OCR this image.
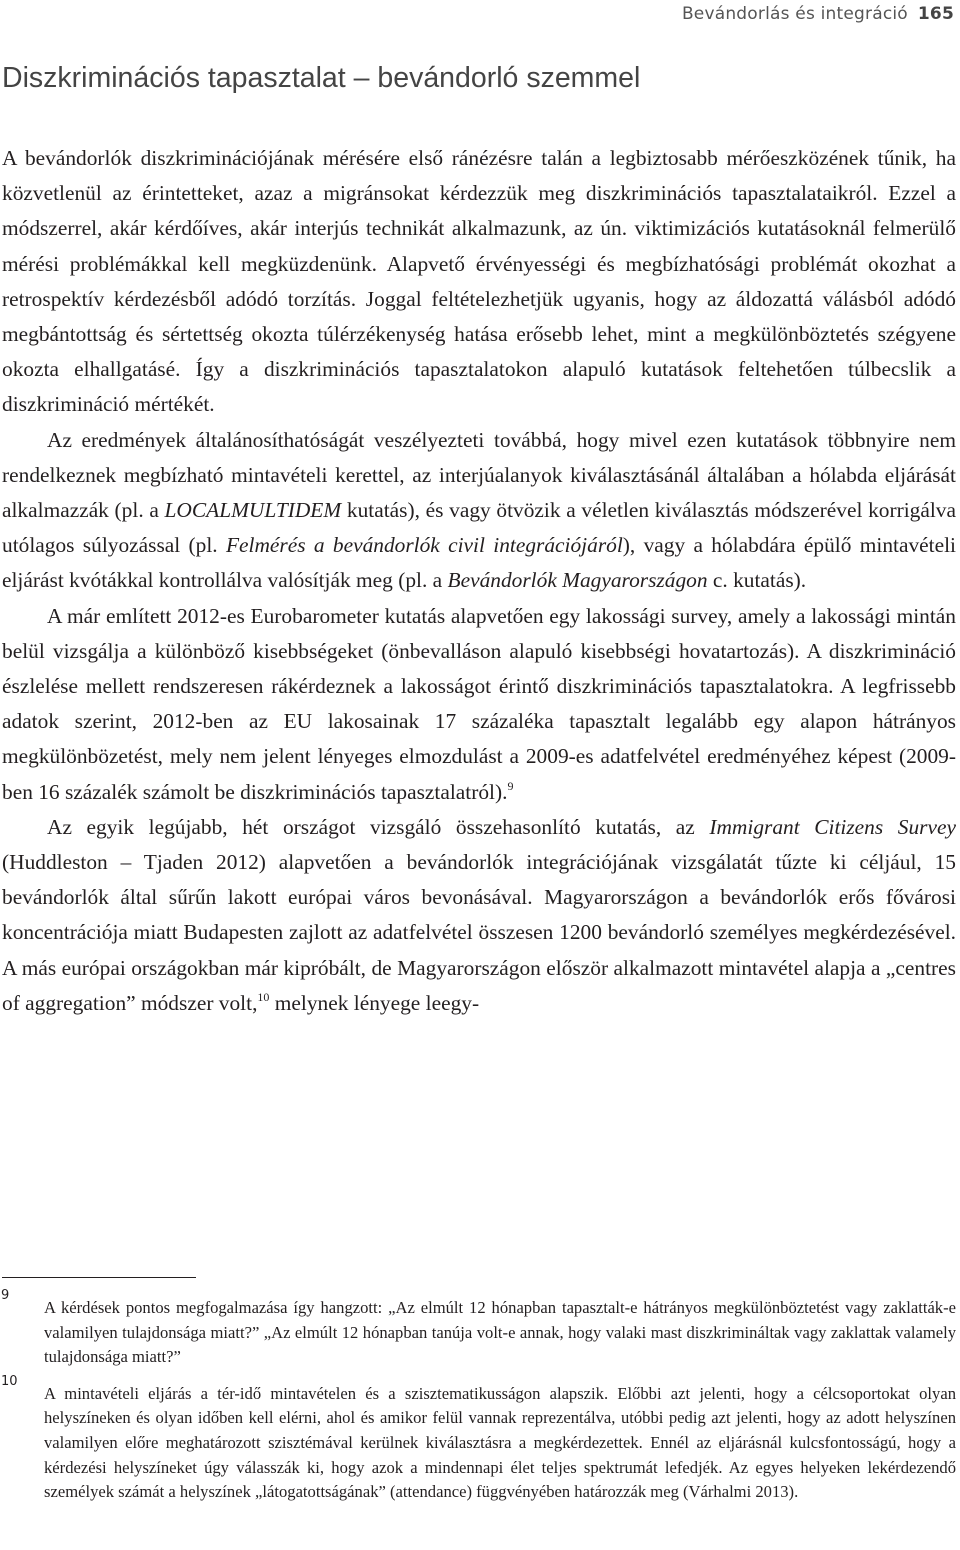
Bevándorlás és integráció 165
Diszkriminációs tapasztalat – bevándorló szemmel

A bevándorlók diszkriminációjának mérésére első ránézésre talán a legbiztosabb mérőeszközének tűnik, ha közvetlenül az érintetteket, azaz a migránsokat kérdezzük meg diszkriminációs tapasztalataikról. Ezzel a módszerrel, akár kérdőíves, akár interjús technikát alkalmazunk, az ún. viktimizációs kutatásoknál felmerülő mérési problémákkal kell megküzdenünk. Alapvető érvényességi és megbízhatósági problémát okozhat a retrospektív kérdezésből adódó torzítás. Joggal feltételezhetjük ugyanis, hogy az áldozattá válásból adódó megbántottság és sértettség okozta túlérzékenység hatása erősebb lehet, mint a megkülönböztetés szégyene okozta elhallgatásé. Így a diszkriminációs tapasztalatokon alapuló kutatások feltehetően túlbecslik a diszkrimináció mértékét.

Az eredmények általánosíthatóságát veszélyezteti továbbá, hogy mivel ezen kutatások többnyire nem rendelkeznek megbízható mintavételi kerettel, az interjúalanyok kiválasztásánál általában a hólabda eljárását alkalmazzák (pl. a LOCALMULTIDEM kutatás), és vagy ötvözik a véletlen kiválasztás módszerével korrigálva utólagos súlyozással (pl. Felmérés a bevándorlók civil integrációjáról), vagy a hólabdára épülő mintavételi eljárást kvótákkal kontrollálva valósítják meg (pl. a Bevándorlók Magyarországon c. kutatás).

A már említett 2012-es Eurobarometer kutatás alapvetően egy lakossági survey, amely a lakossági mintán belül vizsgálja a különböző kisebbségeket (önbevalláson alapuló kisebbségi hovatartozás). A diszkrimináció észlelése mellett rendszeresen rákérdeznek a lakosságot érintő diszkriminációs tapasztalatokra. A legfrissebb adatok szerint, 2012-ben az EU lakosainak 17 százaléka tapasztalt legalább egy alapon hátrányos megkülönbözetést, mely nem jelent lényeges elmozdulást a 2009-es adatfelvétel eredményéhez képest (2009-ben 16 százalék számolt be diszkriminációs tapasztalatról).$^9$

Az egyik legújabb, hét országot vizsgáló összehasonlító kutatás, az Immigrant Citizens Survey (Huddleston – Tjaden 2012) alapvetően a bevándorlók integrációjának vizsgálatát tűzte ki céljául, 15 bevándorlók által sűrűn lakott európai város bevonásával. Magyarországon a bevándorlók erős fővárosi koncentrációja miatt Budapesten zajlott az adatfelvétel összesen 1200 bevándorló személyes megkérdezésével. A más európai országokban már kipróbált, de Magyarországon először alkalmazott mintavétel alapja a „centres of aggregation” módszer volt,$^{10}$ melynek lényege leegy-

9
A kérdések pontos megfogalmazása így hangzott: „Az elmúlt 12 hónapban tapasztalt-e hátrányos megkülönböztetést vagy zaklatták-e valamilyen tulajdonsága miatt?” „Az elmúlt 12 hónapban tanúja volt-e annak, hogy valaki mast diszkrimináltak vagy zaklattak valamely tulajdonsága miatt?”
10
A mintavételi eljárás a tér-idő mintavételen és a szisztematikusságon alapszik. Előbbi azt jelenti, hogy a célcsoportokat olyan helyszíneken és olyan időben kell elérni, ahol és amikor felül vannak reprezentálva, utóbbi pedig azt jelenti, hogy az adott helyszínen valamilyen előre meghatározott szisztémával kerülnek kiválasztásra a megkérdezettek. Ennél az eljárásnál kulcsfontosságú, hogy a kérdezési helyszíneket úgy válasszák ki, hogy azok a mindennapi élet teljes spektrumát lefedjék. Az egyes helyeken lekérdezendő személyek számát a helyszínek „látogatottságának” (attendance) függvényében határozzák meg (Várhalmi 2013).
